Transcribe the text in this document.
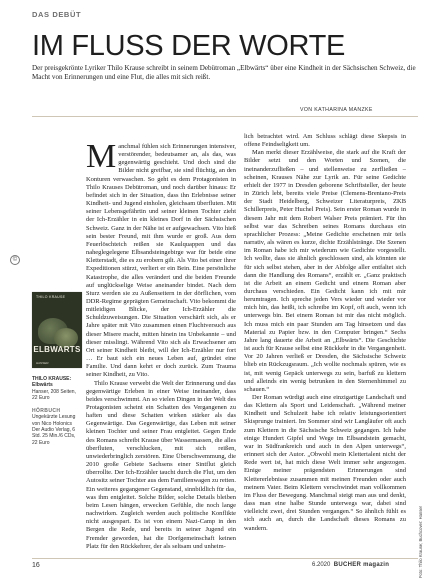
DAS DEBÜT
IM FLUSS DER WORTE

Der preisgekrönte Lyriker Thilo Krause schreibt in seinem Debütroman „Elbwärts“ über eine Kindheit in der Sächsischen Schweiz, die Macht von Erinnerungen und eine Flut, die alles mit sich reißt.

VON KATHARINA MANZKE
©
THILO KRAUSE
ELBWARTS
HANSER
THILO KRAUSE: Elbwärts
Hanser, 208 Seiten, 22 Euro
HÖRBUCH
Ungekürzte Lesung von Nico Holonics Der Audio Verlag, 6 Std. 25 Min./6 CDs, 22 Euro

Manchmal fühlen sich Erinnerungen intensiver, verstörender, bedeutsamer an, als das, was gegenwärtig geschieht. Und doch sind die Bilder nicht greifbar, sie sind flüchtig, an den Konturen verwaschen. So geht es dem Protagonisten in Thilo Krauses Debütroman, und noch darüber hinaus: Er befindet sich in der Situation, dass ihn Erlebnisse seiner Kindheit- und Jugend einholen, gleichsam überfluten. Mit seiner Lebensgefährtin und seiner kleinen Tochter zieht der Ich-Erzähler in ein kleines Dorf in der Sächsischen Schweiz. Ganz in der Nähe ist er aufgewachsen. Vito hieß sein bester Freund, mit ihm wurde er groß. Aus dem Feuerlöschteich reißen sie Kaulquappen und das naheglegelegene Elbsandsteingebirge war für beide eine Kletterstadt, die es zu erobern gilt. Als Vito bei einer ihrer Expeditionen stürzt, verliert er ein Bein. Eine persönliche Katastrophe, die alles verändert und die beiden Freunde auf unglückselige Weise aneinander bindet. Nach dem Sturz werden sie zu Außenseitern in der dörflichen, vom DDR-Regime geprägten Gemeinschaft. Vito bekommt die mitleidigen Blicke, der Ich-Erzähler die Schuldzuweisungen. Die Situation verschärft sich, als er Jahre später mit Vito zusammen einen Fluchtversuch aus dieser Misere macht, mitten hinein ins Unbekannte – und dieser misslingt. Während Vito sich als Erwachsener am Ort seiner Kindheit bleibt, will der Ich-Erzähler nur fort … Er baut sich ein neues Leben auf, gründet eine Familie. Und dann kehrt er doch zurück. Zum Trauma seiner Kindheit, zu Vito.

Thilo Krause verwebt die Welt der Erinnerung und das gegenwärtige Erleben in einer Weise ineinander, dass beides verschwimmt. An so vielen Dingen in der Welt des Protagonisten scheint ein Schatten des Vergangenen zu haften und diese Schatten wirken stärker als das Gegenwärtige. Das Gegenwärtige, das Leben mit seiner kleinen Tochter und seiner Frau entgleitet. Gegen Ende des Romans schreibt Krause über Wassermassen, die alles überfluten, verschlucken, mit sich reißen, unwiederbringlich zerstören. Eine Überschwemmung, die 2010 große Gebiete Sachsens einer Sintflut gleich überrollte. Der Ich-Erzähler taucht durch die Flut, um den Autositz seiner Tochter aus dem Familienwagen zu retten. Ein weiteres gegangener Gegenstand, sinnbildlich für das, was ihm entgleitet. Solche Bilder, solche Details bleiben beim Lesen hängen, erwecken Gefühle, die noch lange nachwirken. Zugleich werden auch politische Konflikte nicht ausgespart. Es ist von einem Nazi-Camp in den Bergen die Rede, und bereits in seiner Jugend ein Fremder geworden, hat die Dorfgemeinschaft keinen Platz für den Rückkehrer, der als seltsam und unheim-

lich betrachtet wird. Am Schluss schlägt diese Skepsis in offene Feindseligkeit um.

Man merkt dieser Erzählweise, die stark auf die Kraft der Bilder setzt und den Worten und Szenen, die ineinanderzufließen – und stellenweise zu zerfließen – scheinen, Krauses Nähe zur Lyrik an. Für seine Gedichte erhielt der 1977 in Dresden geborene Schriftsteller, der heute in Zürich lebt, bereits viele Preise (Clemens-Brentano-Preis der Stadt Heidelberg, Schweizer Literaturpreis, ZKB Schillerpreis, Peter Huchel Preis). Sein erster Roman wurde in diesem Jahr mit dem Robert Walser Preis prämiert. Für ihn selbst war das Schreiben seines Romans durchaus ein sprachlicher Prozess: „Meine Gedichte erscheinen mir teils narrativ, als wären es kurze, dichte Erzählstränge. Die Szenen im Roman habe ich mir wiederum wie Gedichte vorgestellt. Ich wollte, dass sie ähnlich geschlossen sind, als könnten sie für sich selbst stehen, aber in der Abfolge aller entfaltet sich dann die Handlung des Romans“, erzählt er. „Ganz praktisch ist die Arbeit an einem Gedicht und einem Roman aber durchaus verschieden. Ein Gedicht kann ich mit mir herumtragen. Ich spreche jeden Vers wieder und wieder vor mich hin, das heißt, ich schreibe im Kopf, oft auch, wenn ich unterwegs bin. Bei einem Roman ist mir das nicht möglich. Ich muss mich ein paar Stunden am Tag hinsetzen und das Material zu Papier bzw. in den Computer bringen.“ Sechs Jahre lang dauerte die Arbeit an „Elbwärts“. Die Geschichte ist auch für Krause selbst eine Rückkehr in die Vergangenheit. Vor 20 Jahren verließ er Dresden, die Sächsische Schweiz blieb ein Rückzugsraum. „Ich wollte nochmals spüren, wie es ist, mit wenig Gepäck unterwegs zu sein, barfuß zu klettern und alleinds ein wenig betrunken in den Sternenhimmel zu schauen.“

Der Roman würdigt auch eine einzigartige Landschaft und das Klettern als Sport und Leidenschaft. „Während meiner Kindheit und Schulzeit habe ich relativ leistungsorientiert Skisprunge trainiert. Im Sommer sind wir Langläufer oft auch zum Klettern in die Sächsische Schweiz gegangen. Ich habe einige Hundert Gipfel und Wege im Elbsandstein gemacht, war in Südfrankreich und auch in den Alpen unterwegs“, erinnert sich der Autor. „Obwohl mein Klettertalent nicht der Rede wert ist, hat mich diese Welt immer sehr angezogen. Einige meiner prägendsten Erinnerungen sind Klettererlebnisse zusammen mit meinen Freunden oder auch meinem Vater. Beim Klettern verschwindet man vollkommen im Fluss der Bewegung. Manchmal steigt man aus und denkt, dass man eine halbe Stunde unterwegs war, dabei sind vielleicht zwei, drei Stunden vergangen.“ So ähnlich fühlt es sich auch an, durch die Landschaft dieses Romans zu wandern.	Foto: Thilo Krause; Buchcover: Hanser
16	6.2020 BUCHER magazin
